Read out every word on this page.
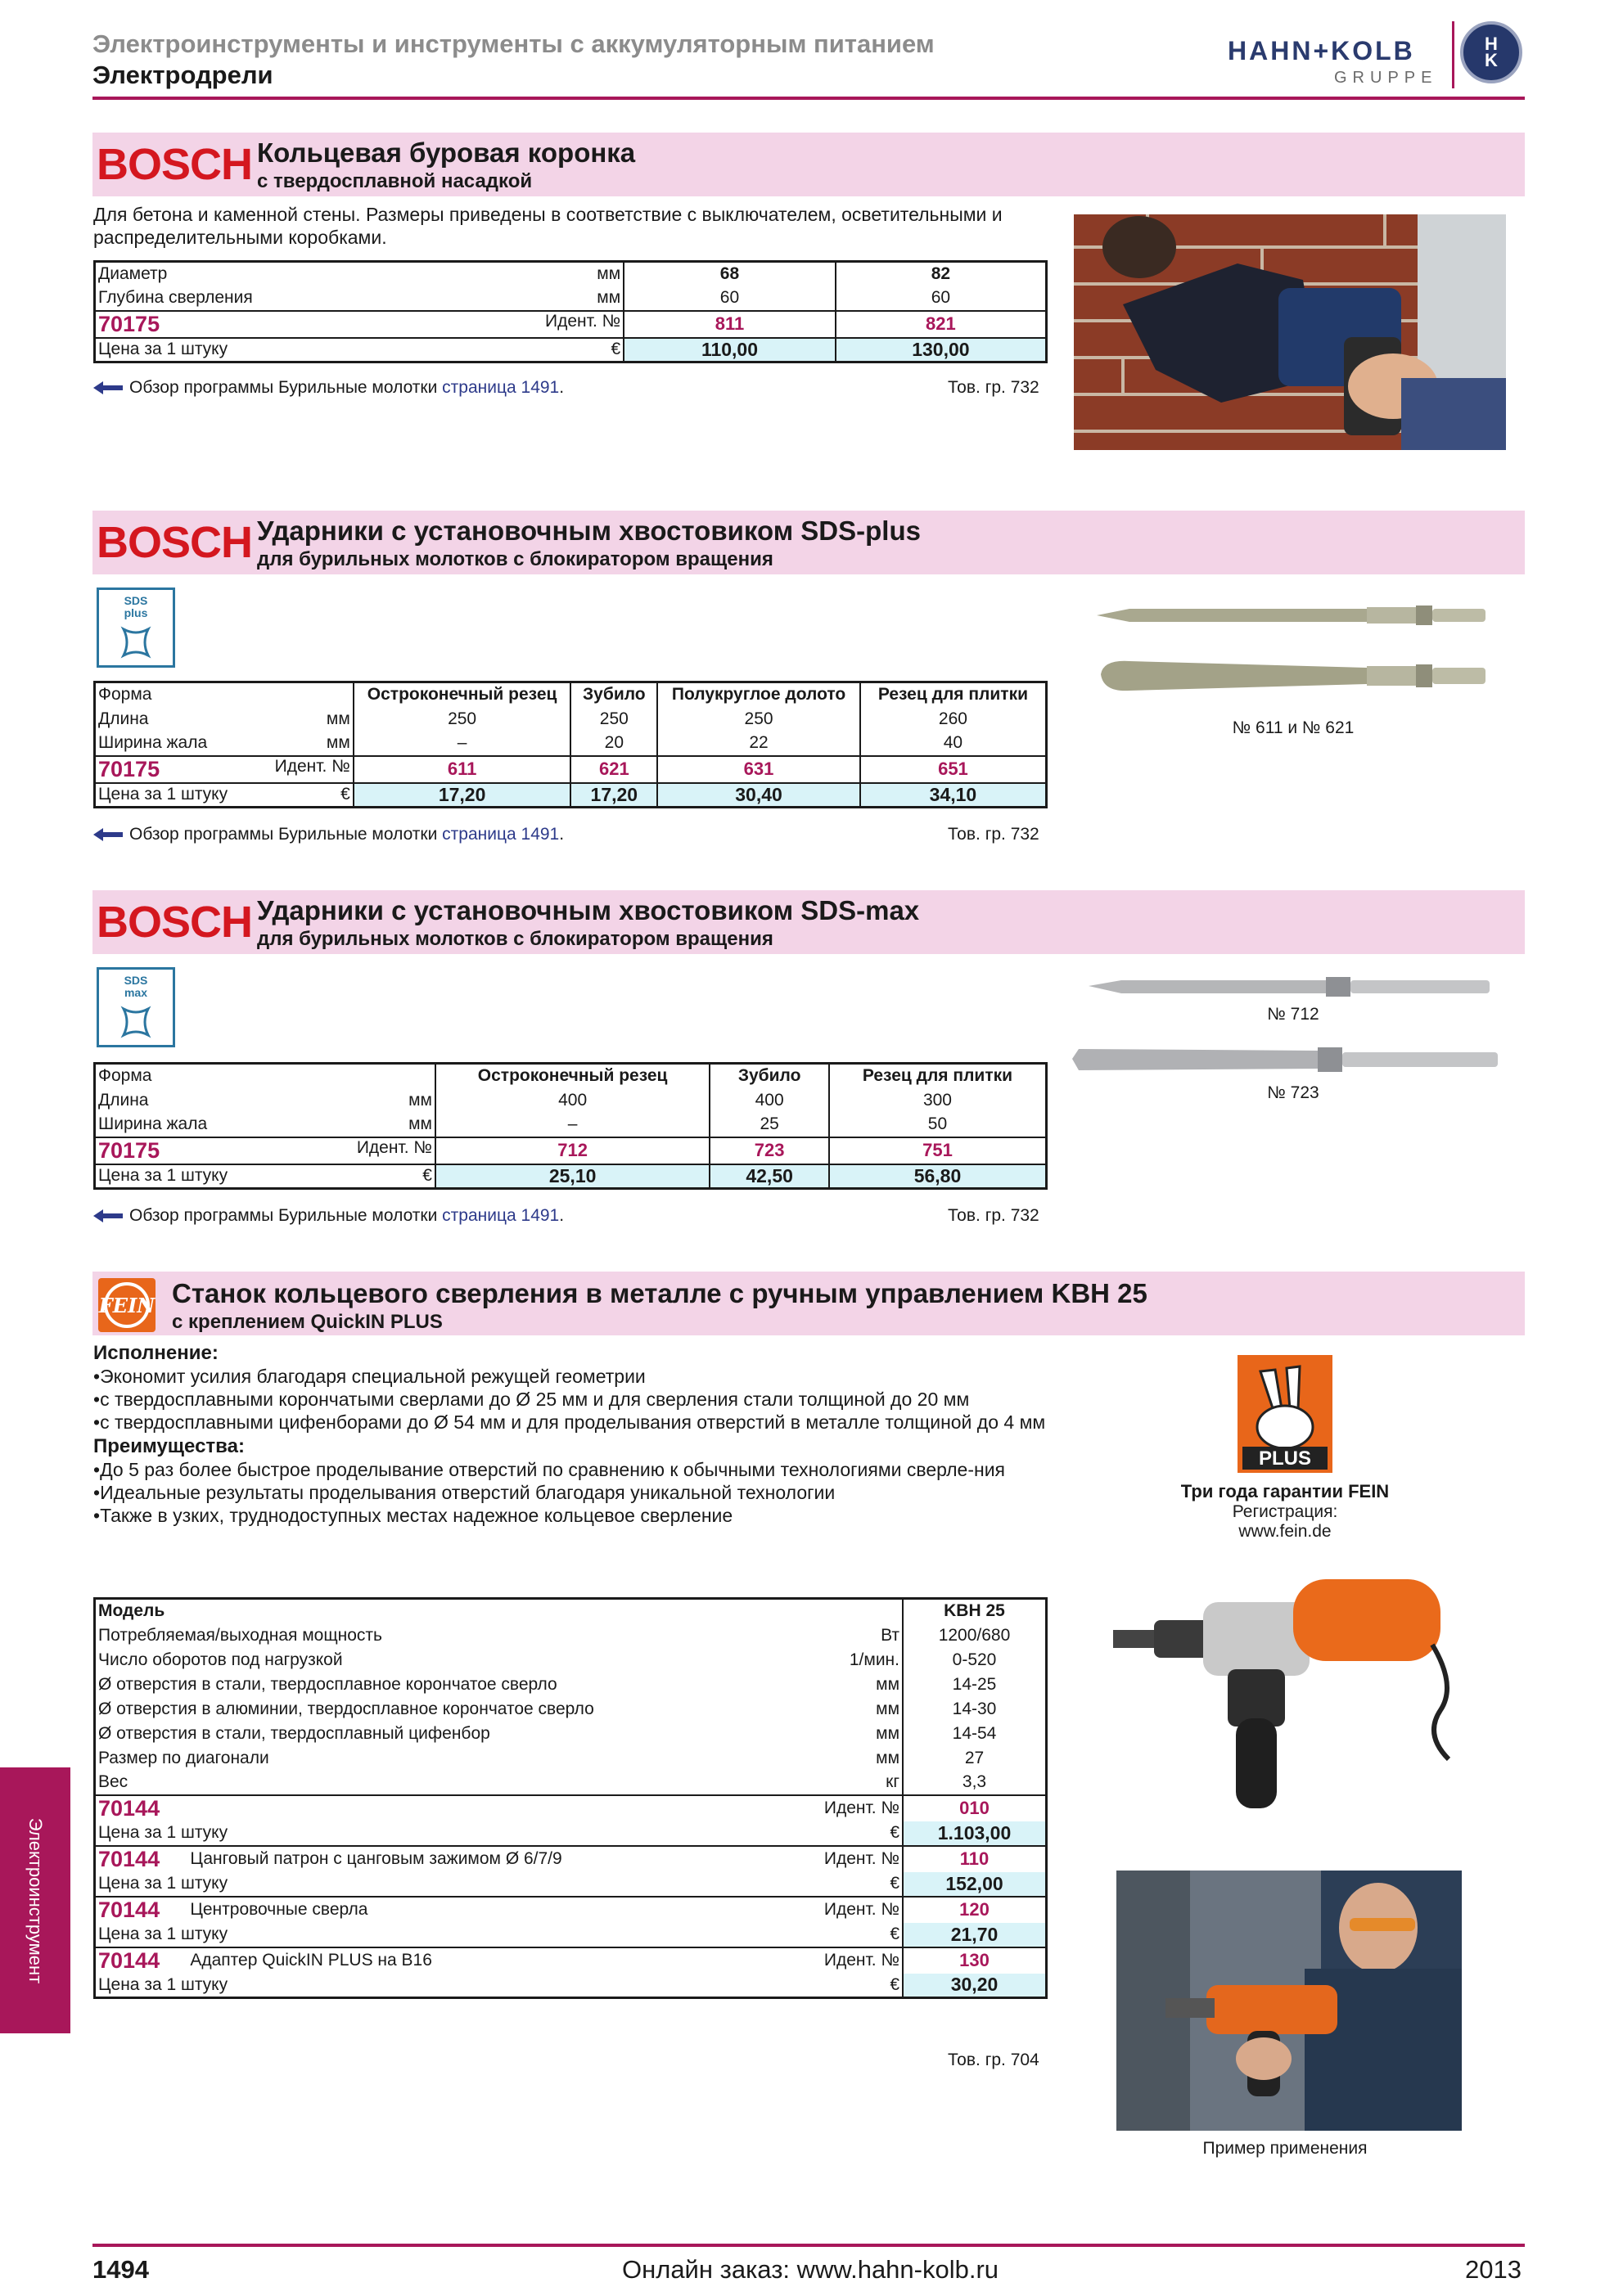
Электроинструменты и инструменты с аккумуляторным питанием
Электродрели
HAHN+KOLB
GRUPPE
H
K
BOSCH Кольцевая буровая коронка
с твердосплавной насадкой
Для бетона и каменной стены. Размеры приведены в соответствие с выключателем, осветительными и распределительными коробками.
Диаметр мм	68	82
Глубина сверления мм	60	60
70175 Идент. №	811	821
Цена за 1 штуку €	110,00	130,00
Обзор программы Бурильные молотки страница 1491.	Тов. гр. 732
BOSCH Ударники с установочным хвостовиком SDS-plus
для бурильных молотков с блокиратором вращения
SDS
plus
Форма	Остроконечный резец	Зубило	Полукруглое долото	Резец для плитки
Длина мм	250	250	250	260
Ширина жала мм	–	20	22	40
70175 Идент. №	611	621	631	651
Цена за 1 штуку €	17,20	17,20	30,40	34,10
Обзор программы Бурильные молотки страница 1491.	Тов. гр. 732
№ 611 и № 621
BOSCH Ударники с установочным хвостовиком SDS-max
для бурильных молотков с блокиратором вращения
SDS
max
Форма	Остроконечный резец	Зубило	Резец для плитки
Длина мм	400	400	300
Ширина жала мм	–	25	50
70175 Идент. №	712	723	751
Цена за 1 штуку €	25,10	42,50	56,80
Обзор программы Бурильные молотки страница 1491.	Тов. гр. 732
№ 712
№ 723
FEIN Станок кольцевого сверления в металле с ручным управлением KBH 25
с креплением QuickIN PLUS
Исполнение:
•Экономит усилия благодаря специальной режущей геометрии
•с твердосплавными корончатыми сверлами до Ø 25 мм и для сверления стали толщиной до 20 мм
•с твердосплавными цифенборами до Ø 54 мм и для проделывания отверстий в металле толщиной до 4 мм
Преимущества:
•До 5 раз более быстрое проделывание отверстий по сравнению к обычными технологиями сверле-ния
•Идеальные результаты проделывания отверстий благодаря уникальной технологии
•Также в узких, труднодоступных местах надежное кольцевое сверление
Модель		KBH 25
Потребляемая/выходная мощность Вт		1200/680
Число оборотов под нагрузкой 1/мин.		0-520
Ø отверстия в стали, твердосплавное корончатое сверло мм		14-25
Ø отверстия в алюминии, твердосплавное корончатое сверло мм		14-30
Ø отверстия в стали, твердосплавный цифенбор мм		14-54
Размер по диагонали мм		27
Вес кг		3,3
70144	Идент. №	010
Цена за 1 штуку €		1.103,00
70144	Цанговый патрон с цанговым зажимом Ø 6/7/9 Идент. №	110
Цена за 1 штуку €		152,00
70144	Центровочные сверла Идент. №	120
Цена за 1 штуку €		21,70
70144	Адаптер QuickIN PLUS на B16 Идент. №	130
Цена за 1 штуку €		30,20
Тов. гр. 704
PLUS
Три года гарантии FEIN
Регистрация:
www.fein.de
Пример применения
Электроинструмент
1494	Онлайн заказ: www.hahn-kolb.ru	2013
